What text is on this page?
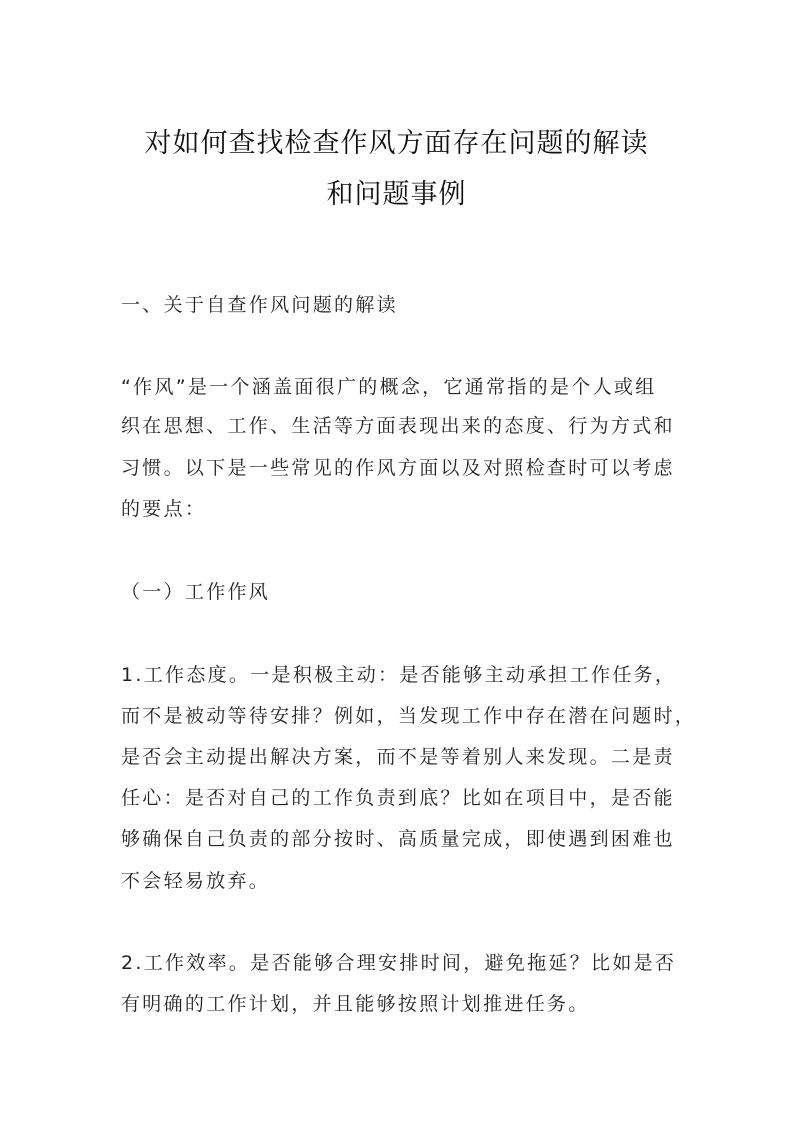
对如何查找检查作风方面存在问题的解读
和问题事例
一、关于自查作风问题的解读
“作风”是一个涵盖面很广的概念，它通常指的是个人或组
织在思想、工作、生活等方面表现出来的态度、行为方式和
习惯。以下是一些常见的作风方面以及对照检查时可以考虑
的要点：
（一）工作作风
1.工作态度。一是积极主动：是否能够主动承担工作任务，
而不是被动等待安排？例如，当发现工作中存在潜在问题时，
是否会主动提出解决方案，而不是等着别人来发现。二是责
任心：是否对自己的工作负责到底？比如在项目中，是否能
够确保自己负责的部分按时、高质量完成，即使遇到困难也
不会轻易放弃。
2.工作效率。是否能够合理安排时间，避免拖延？比如是否
有明确的工作计划，并且能够按照计划推进任务。
